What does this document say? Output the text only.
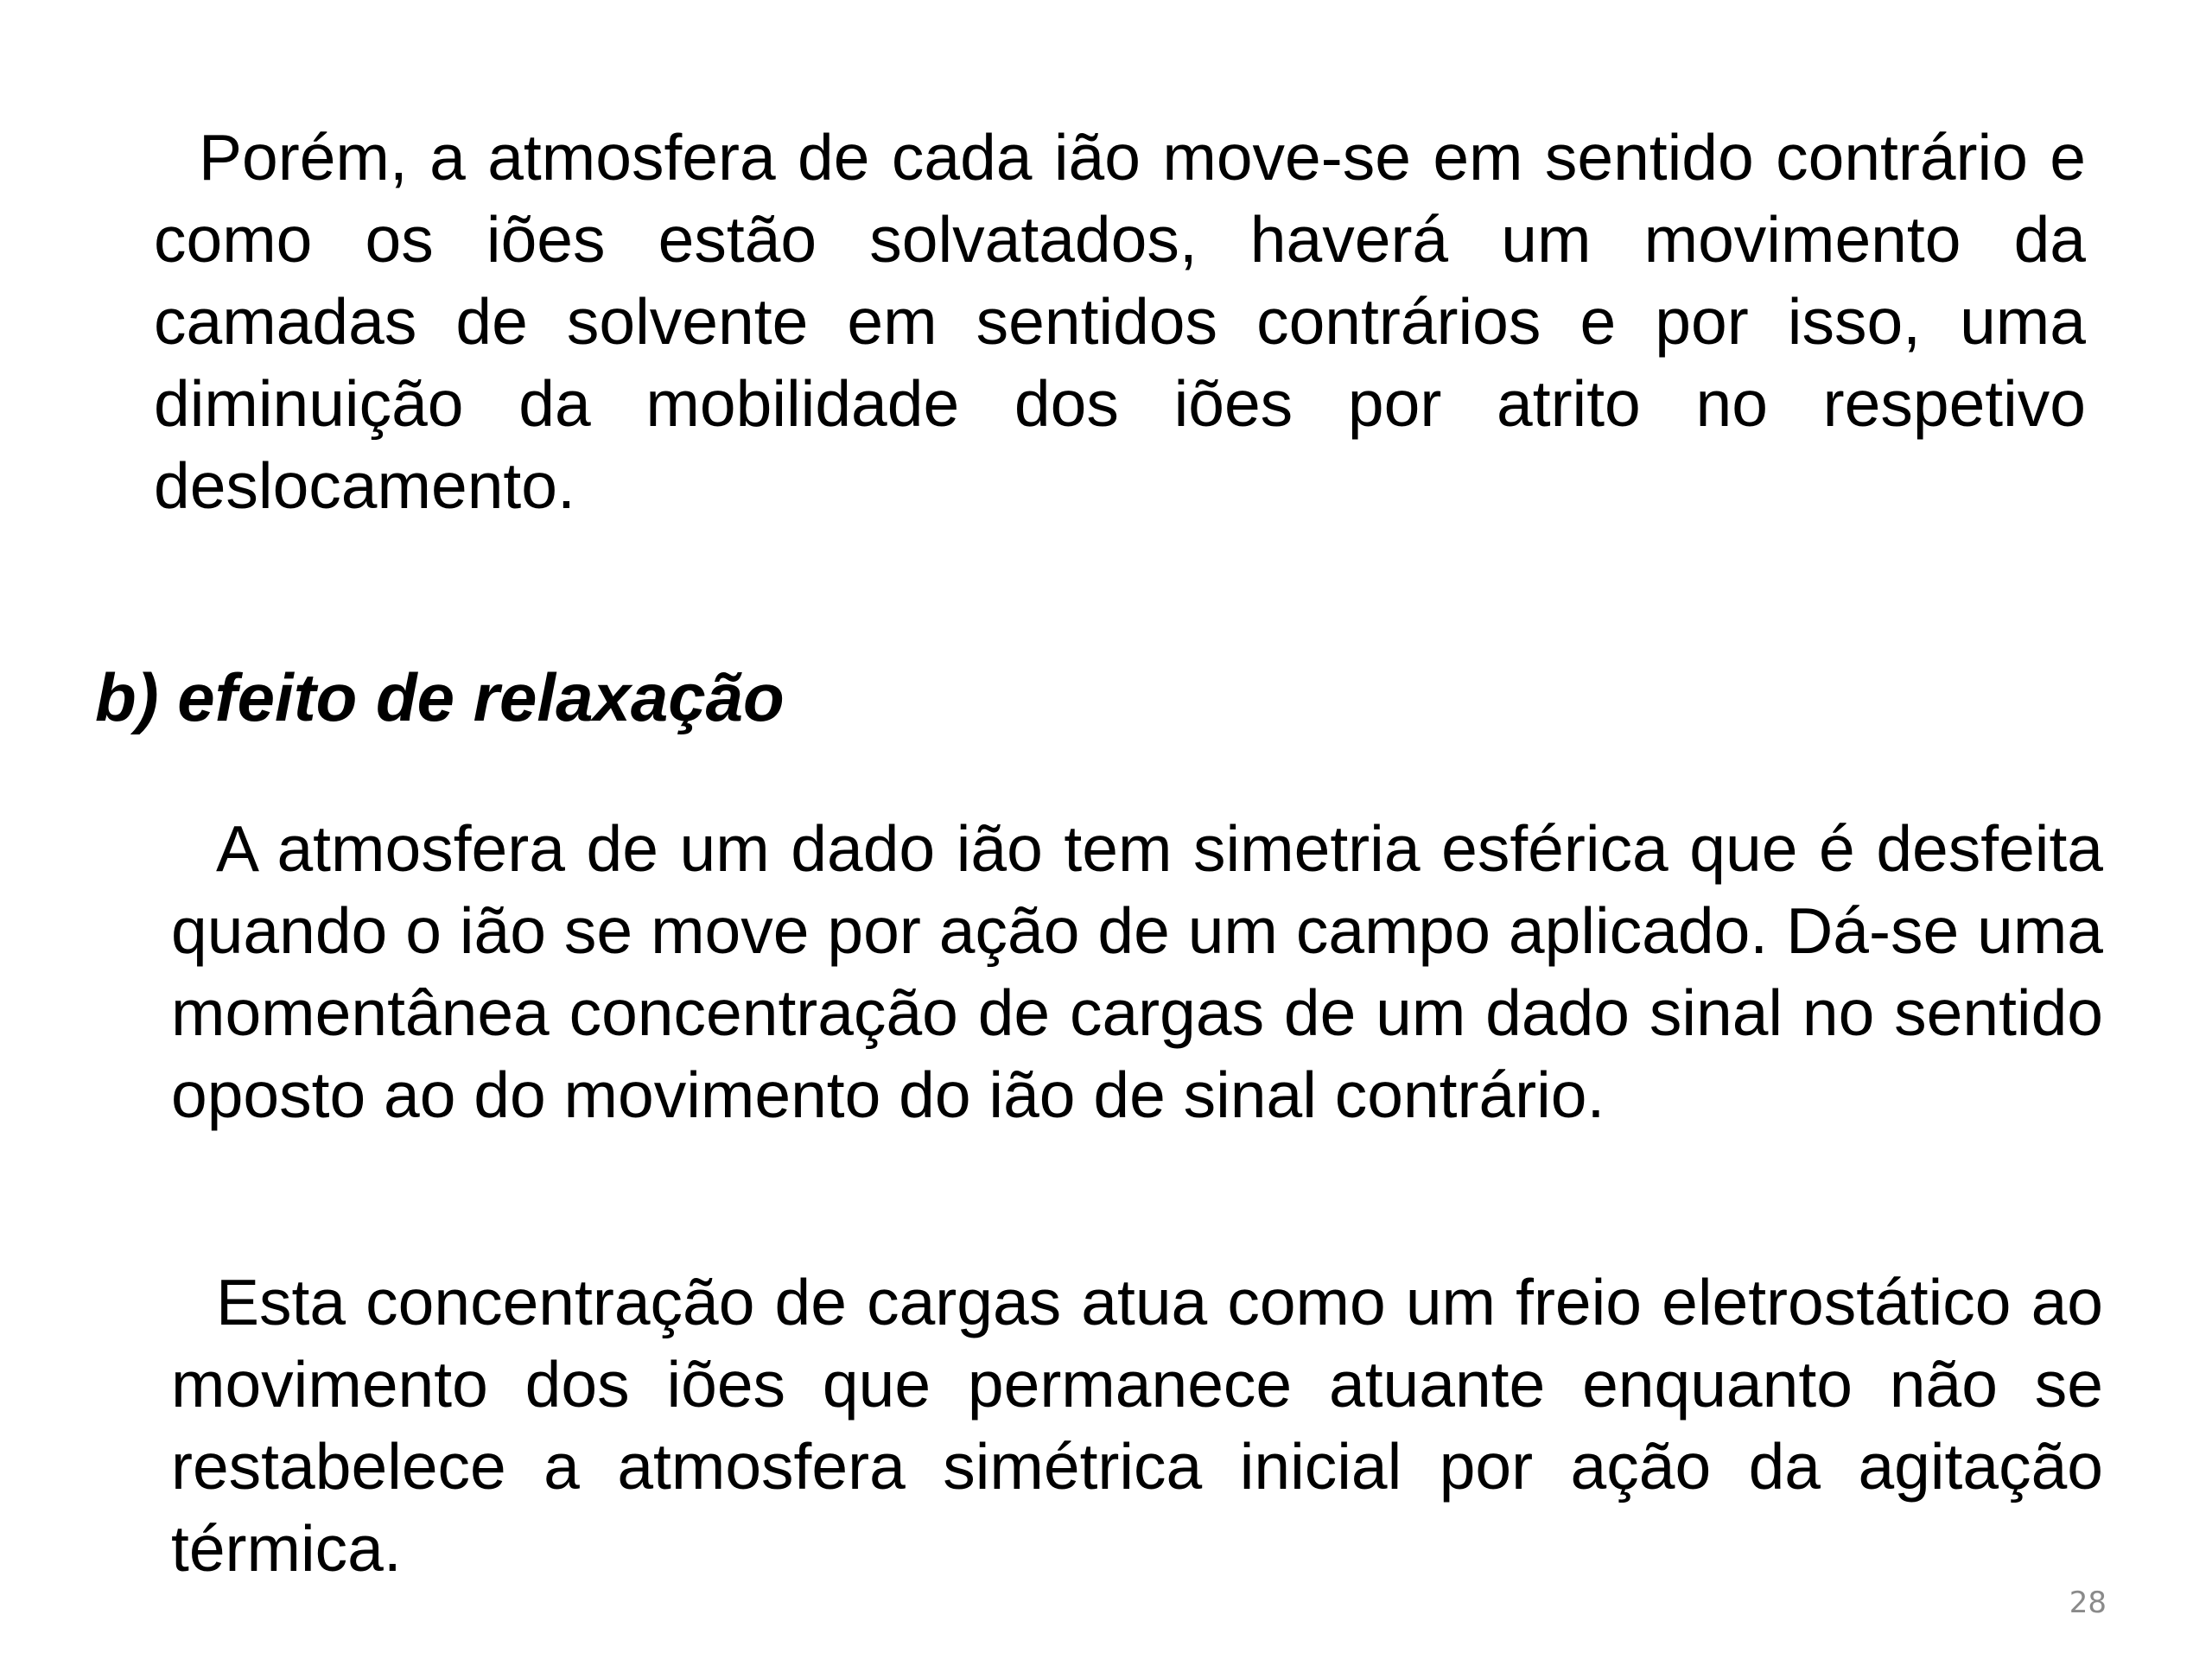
Porém, a atmosfera de cada ião move-se em sentido contrário e como os iões estão solvatados, haverá um movimento da camadas de solvente em sentidos contrários e por isso, uma diminuição da mobilidade dos iões por atrito no respetivo deslocamento.

b) efeito de relaxação

A atmosfera de um dado ião tem simetria esférica que é desfeita quando o ião se move por ação de um campo aplicado. Dá-se uma momentânea concentração de cargas de um dado sinal no sentido oposto ao do movimento do ião de sinal contrário.

Esta concentração de cargas atua como um freio eletrostático ao movimento dos iões que permanece atuante enquanto não se restabelece a atmosfera simétrica inicial por ação da agitação térmica.

28
